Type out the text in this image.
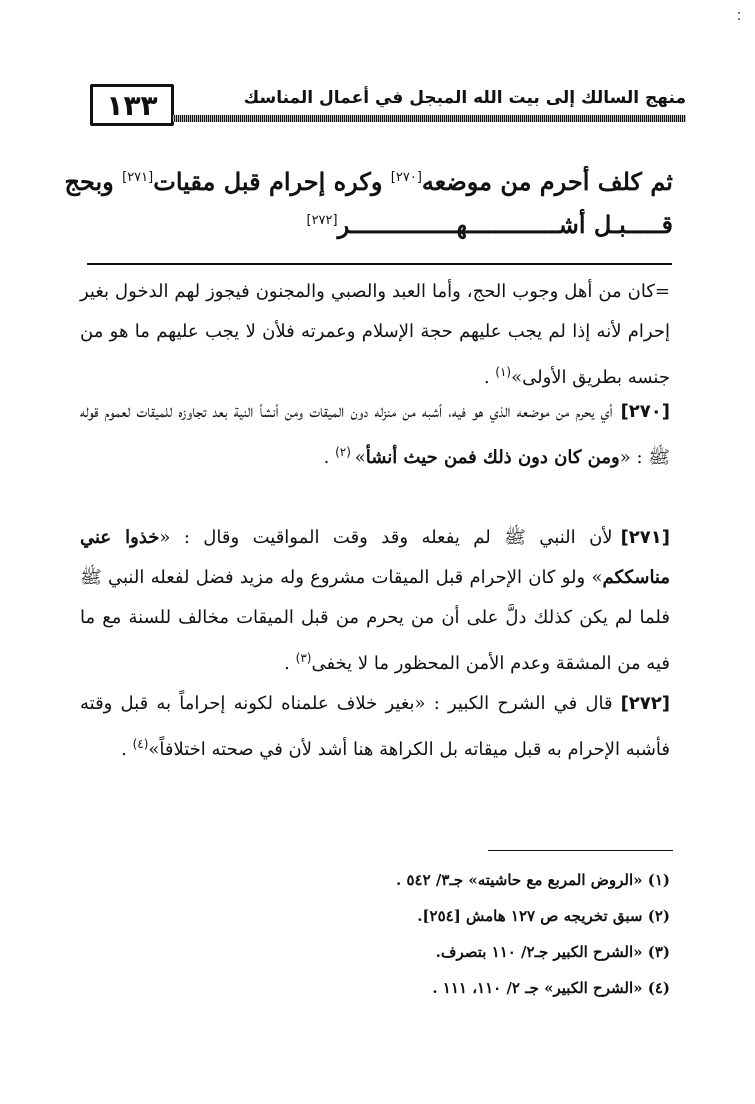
١٣٣	منهج السالك إلى بيت الله المبجل في أعمال المناسك
ثم كلف أحرم من موضعه[٢٧٠] وكره إحرام قبل مقيات[٢٧١] وبحج
قـــــبـل أشـــــــــــــهـــــــــــــــر[٢٧٢]
=كان من أهل وجوب الحج، وأما العبد والصبي والمجنون فيجوز لهم الدخول بغير إحرام لأنه إذا لم يجب عليهم حجة الإسلام وعمرته فلأن لا يجب عليهم ما هو من جنسه بطريق الأولى»$^{(١)}$ .
[٢٧٠]أي يحرم من موضعه الذي هو فيه، أشبه من منزله دون الميقات ومن أنشأ النية بعد تجاوزه للميقات لعموم قوله ﷺ : «ومن كان دون ذلك فمن حيث أنشأ» $^{(٢)}$ .
[٢٧١]لأن النبي ﷺ لم يفعله وقد وقت المواقيت وقال : «خذوا عني مناسككم» ولو كان الإحرام قبل الميقات مشروع وله مزيد فضل لفعله النبي ﷺ فلما لم يكن كذلك دلَّ على أن من يحرم من قبل الميقات مخالف للسنة مع ما فيه من المشقة وعدم الأمن المحظور ما لا يخفى$^{(٣)}$ .
[٢٧٢]قال في الشرح الكبير : «بغير خلاف علمناه لكونه إحراماً به قبل وقته فأشبه الإحرام به قبل ميقاته بل الكراهة هنا أشد لأن في صحته اختلافاً»$^{(٤)}$ .
(١) «الروض المربع مع حاشيته» جـ٣/ ٥٤٢ .
(٢) سبق تخريجه ص ١٢٧ هامش [٢٥٤].
(٣) «الشرح الكبير جـ٢/ ١١٠ بتصرف.
(٤) «الشرح الكبير» جـ ٢/ ١١٠، ١١١ .
